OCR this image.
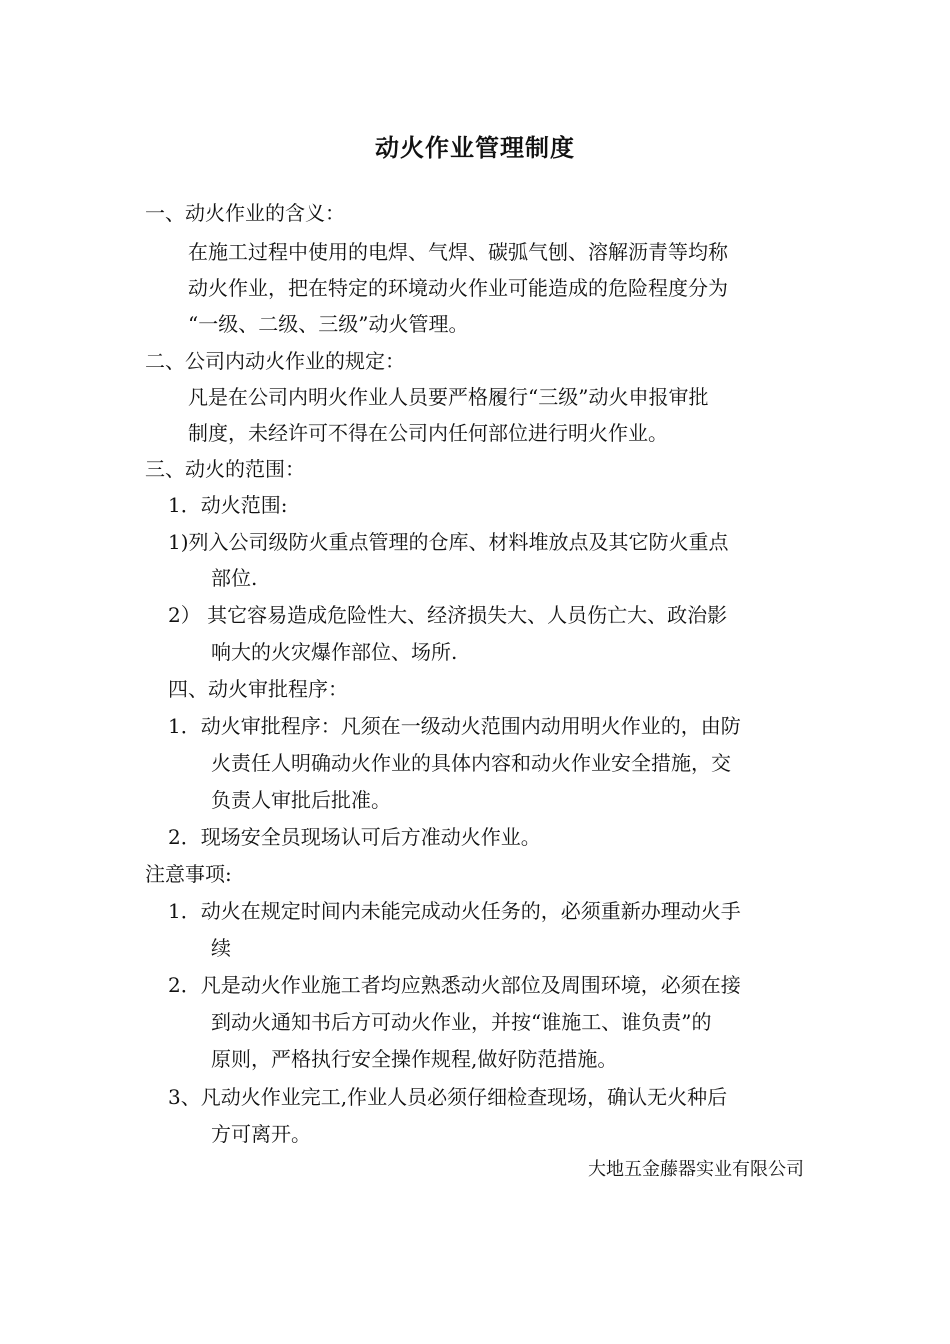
动火作业管理制度
一、动火作业的含义：
在施工过程中使用的电焊、气焊、碳弧气刨、溶解沥青等均称
动火作业，把在特定的环境动火作业可能造成的危险程度分为
“一级、二级、三级”动火管理。
二、公司内动火作业的规定：
凡是在公司内明火作业人员要严格履行“三级”动火申报审批
制度，未经许可不得在公司内任何部位进行明火作业。
三、动火的范围：
1．动火范围:
1)列入公司级防火重点管理的仓库、材料堆放点及其它防火重点
部位.
2） 其它容易造成危险性大、经济损失大、人员伤亡大、政治影
响大的火灾爆作部位、场所.
四、动火审批程序：
1．动火审批程序：凡须在一级动火范围内动用明火作业的，由防
火责任人明确动火作业的具体内容和动火作业安全措施，交
负责人审批后批准。
2．现场安全员现场认可后方准动火作业。
注意事项:
1．动火在规定时间内未能完成动火任务的，必须重新办理动火手
续
2．凡是动火作业施工者均应熟悉动火部位及周围环境，必须在接
到动火通知书后方可动火作业，并按“谁施工、谁负责”的
原则，严格执行安全操作规程,做好防范措施。
3、凡动火作业完工,作业人员必须仔细检查现场，确认无火种后
方可离开。
大地五金藤器实业有限公司
